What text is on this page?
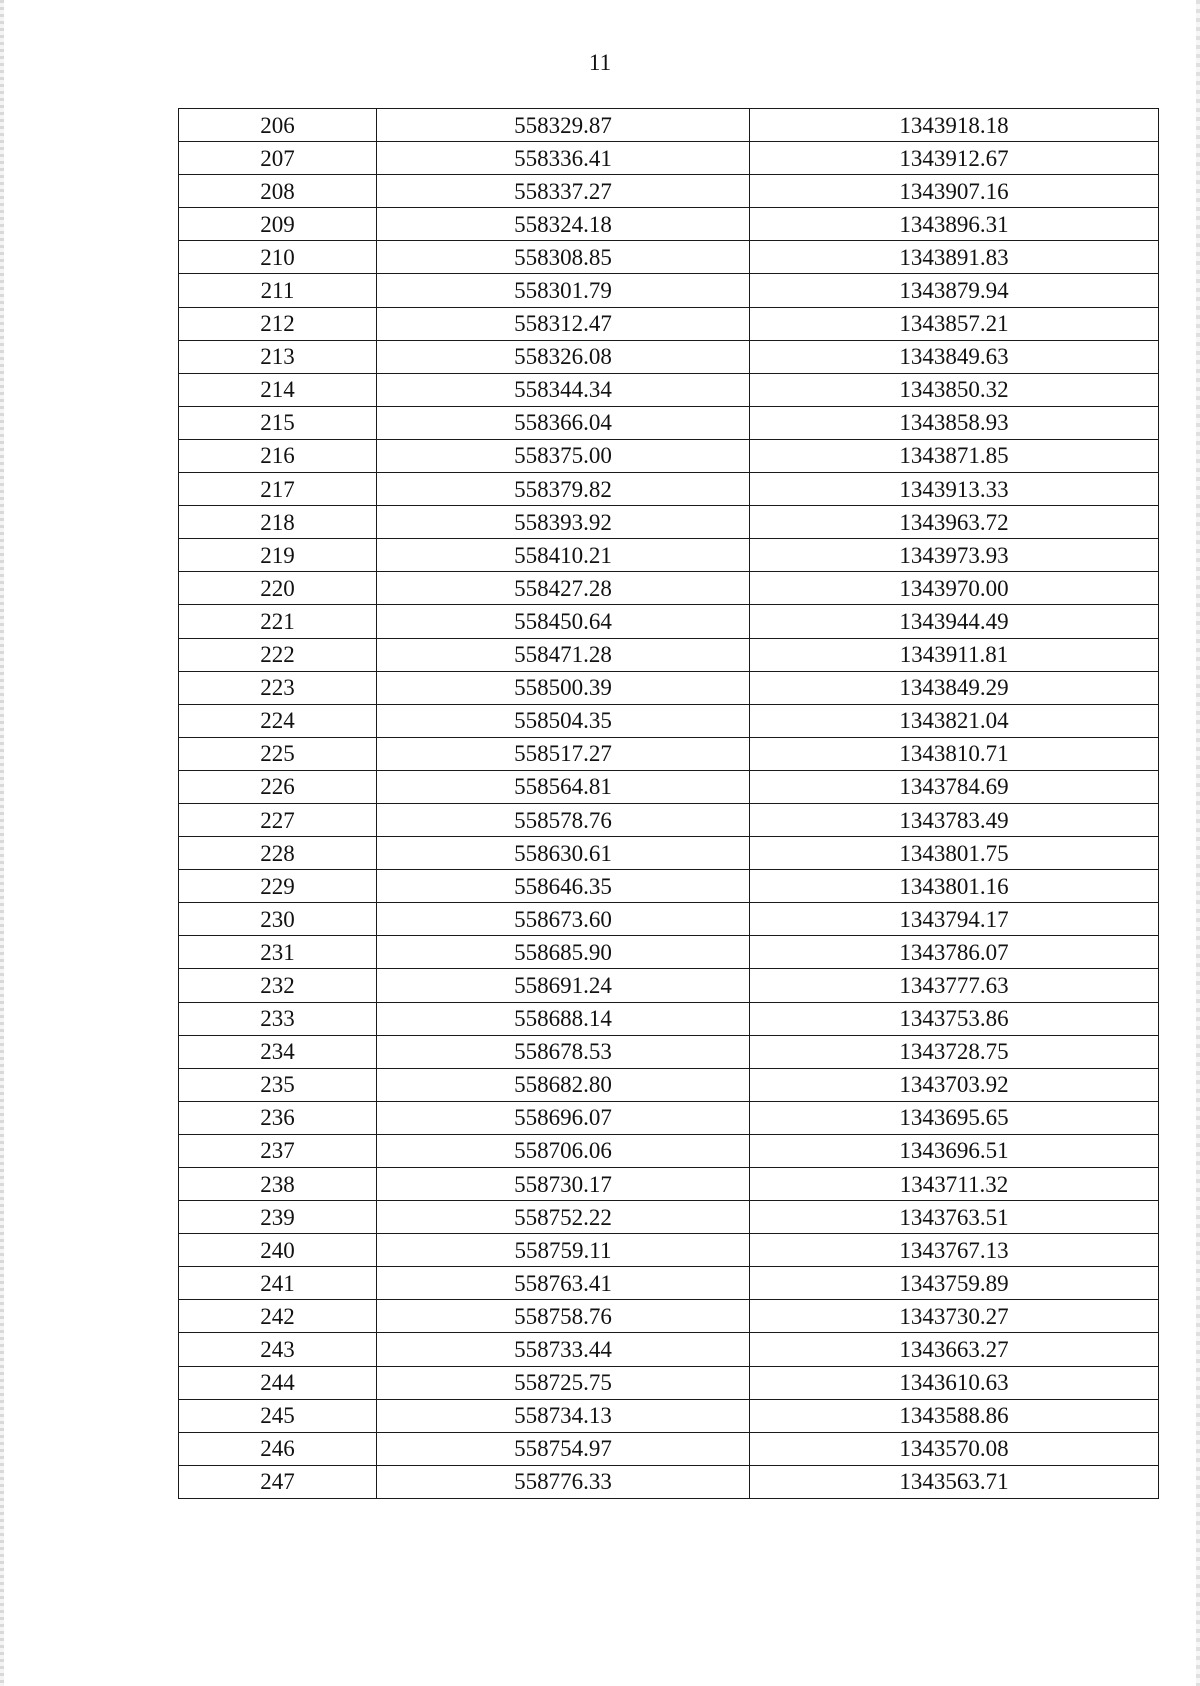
11
206	558329.87	1343918.18
207	558336.41	1343912.67
208	558337.27	1343907.16
209	558324.18	1343896.31
210	558308.85	1343891.83
211	558301.79	1343879.94
212	558312.47	1343857.21
213	558326.08	1343849.63
214	558344.34	1343850.32
215	558366.04	1343858.93
216	558375.00	1343871.85
217	558379.82	1343913.33
218	558393.92	1343963.72
219	558410.21	1343973.93
220	558427.28	1343970.00
221	558450.64	1343944.49
222	558471.28	1343911.81
223	558500.39	1343849.29
224	558504.35	1343821.04
225	558517.27	1343810.71
226	558564.81	1343784.69
227	558578.76	1343783.49
228	558630.61	1343801.75
229	558646.35	1343801.16
230	558673.60	1343794.17
231	558685.90	1343786.07
232	558691.24	1343777.63
233	558688.14	1343753.86
234	558678.53	1343728.75
235	558682.80	1343703.92
236	558696.07	1343695.65
237	558706.06	1343696.51
238	558730.17	1343711.32
239	558752.22	1343763.51
240	558759.11	1343767.13
241	558763.41	1343759.89
242	558758.76	1343730.27
243	558733.44	1343663.27
244	558725.75	1343610.63
245	558734.13	1343588.86
246	558754.97	1343570.08
247	558776.33	1343563.71
